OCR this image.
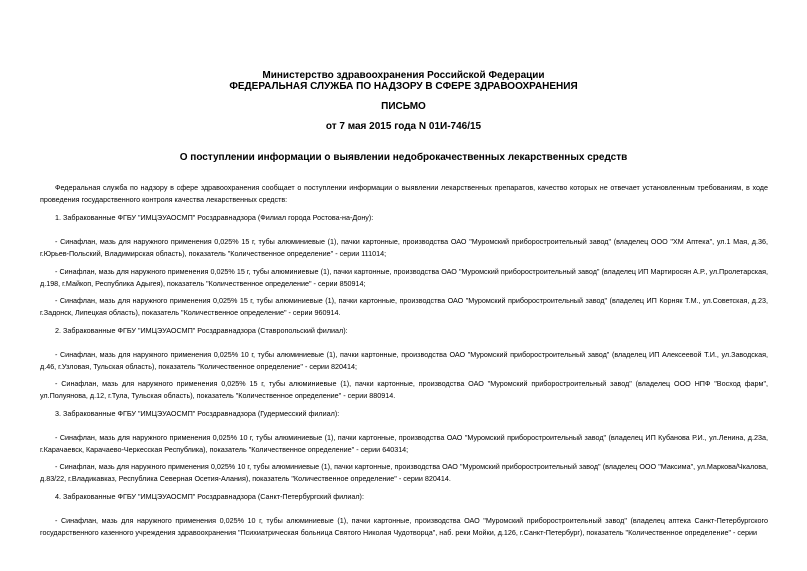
Министерство здравоохранения Российской Федерации
ФЕДЕРАЛЬНАЯ СЛУЖБА ПО НАДЗОРУ В СФЕРЕ ЗДРАВООХРАНЕНИЯ
ПИСЬМО
от 7 мая 2015 года N 01И-746/15
О поступлении информации о выявлении недоброкачественных лекарственных средств

Федеральная служба по надзору в сфере здравоохранения сообщает о поступлении информации о выявлении лекарственных препаратов, качество которых не отвечает установленным требованиям, в ходе проведения государственного контроля качества лекарственных средств:

1. Забракованные ФГБУ "ИМЦЭУАОСМП" Росздравнадзора (Филиал города Ростова-на-Дону):

- Синафлан, мазь для наружного применения 0,025% 15 г, тубы алюминиевые (1), пачки картонные, производства ОАО "Муромский приборостроительный завод" (владелец ООО "ХМ Аптека", ул.1 Мая, д.36, г.Юрьев-Польский, Владимирская область), показатель "Количественное определение" - серии 111014;

- Синафлан, мазь для наружного применения 0,025% 15 г, тубы алюминиевые (1), пачки картонные, производства ОАО "Муромский приборостроительный завод" (владелец ИП Мартиросян А.Р., ул.Пролетарская, д.198, г.Майкоп, Республика Адыгея), показатель "Количественное определение" - серии 850914;

- Синафлан, мазь для наружного применения 0,025% 15 г, тубы алюминиевые (1), пачки картонные, производства ОАО "Муромский приборостроительный завод" (владелец ИП Корняк Т.М., ул.Советская, д.23, г.Задонск, Липецкая область), показатель "Количественное определение" - серии 960914.

2. Забракованные ФГБУ "ИМЦЭУАОСМП" Росздравнадзора (Ставропольский филиал):

- Синафлан, мазь для наружного применения 0,025% 10 г, тубы алюминиевые (1), пачки картонные, производства ОАО "Муромский приборостроительный завод" (владелец ИП Алексеевой Т.И., ул.Заводская, д.46, г.Узловая, Тульская область), показатель "Количественное определение" - серии 820414;

- Синафлан, мазь для наружного применения 0,025% 15 г, тубы алюминиевые (1), пачки картонные, производства ОАО "Муромский приборостроительный завод" (владелец ООО НПФ "Восход фарм", ул.Полуянова, д.12, г.Тула, Тульская область), показатель "Количественное определение" - серии 880914.

3. Забракованные ФГБУ "ИМЦЭУАОСМП" Росздравнадзора (Гудермесский филиал):

- Синафлан, мазь для наружного применения 0,025% 10 г, тубы алюминиевые (1), пачки картонные, производства ОАО "Муромский приборостроительный завод" (владелец ИП Кубанова Р.И., ул.Ленина, д.23а, г.Карачаевск, Карачаево-Черкесская Республика), показатель "Количественное определение" - серии 640314;

- Синафлан, мазь для наружного применения 0,025% 10 г, тубы алюминиевые (1), пачки картонные, производства ОАО "Муромский приборостроительный завод" (владелец ООО "Максима", ул.Маркова/Чкалова, д.83/22, г.Владикавказ, Республика Северная Осетия-Алания), показатель "Количественное определение" - серии 820414.

4. Забракованные ФГБУ "ИМЦЭУАОСМП" Росздравнадзора (Санкт-Петербургский филиал):

- Синафлан, мазь для наружного применения 0,025% 10 г, тубы алюминиевые (1), пачки картонные, производства ОАО "Муромский приборостроительный завод" (владелец аптека Санкт-Петербургского государственного казенного учреждения здравоохранения "Психиатрическая больница Святого Николая Чудотворца", наб. реки Мойки, д.126, г.Санкт-Петербург), показатель "Количественное определение" - серии
